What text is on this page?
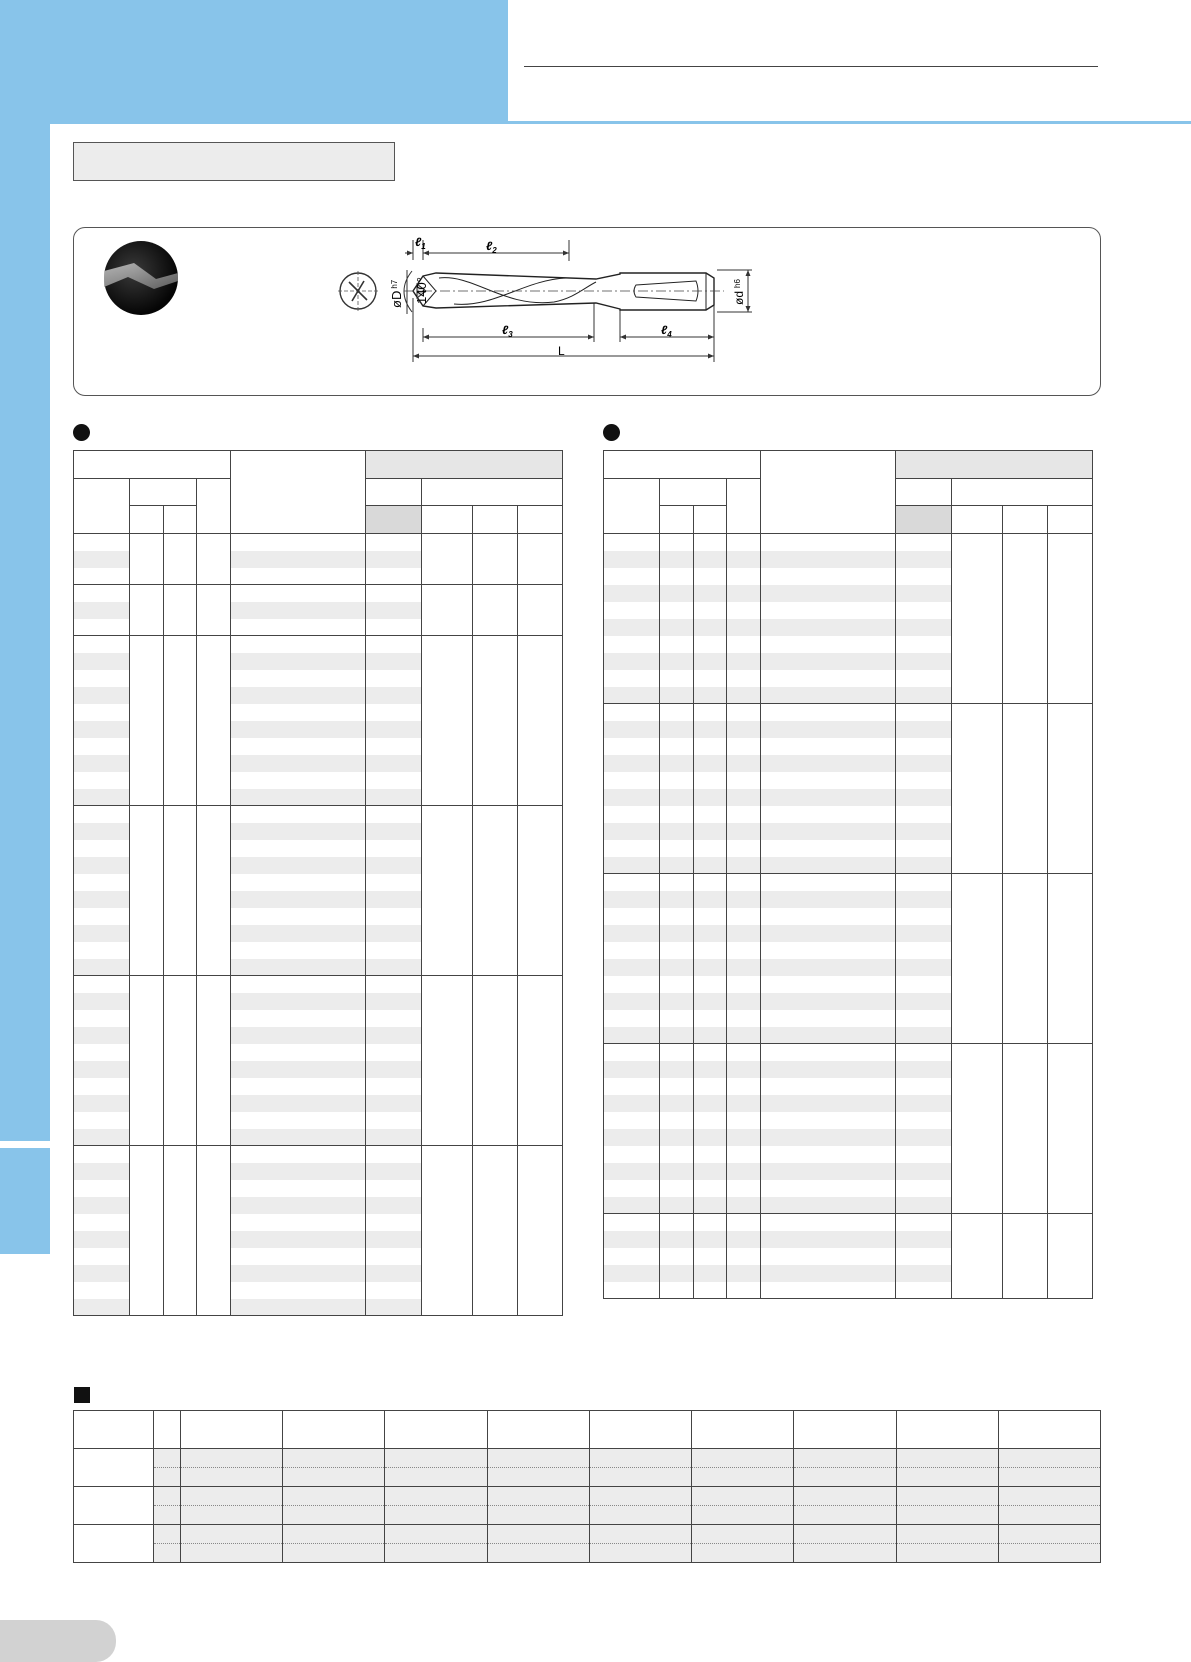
ℓ$_1$	ℓ$_2$
ℓ$_3$	ℓ$_4$
L
$øD^{h7}$	140°	$ød^{h6}$
